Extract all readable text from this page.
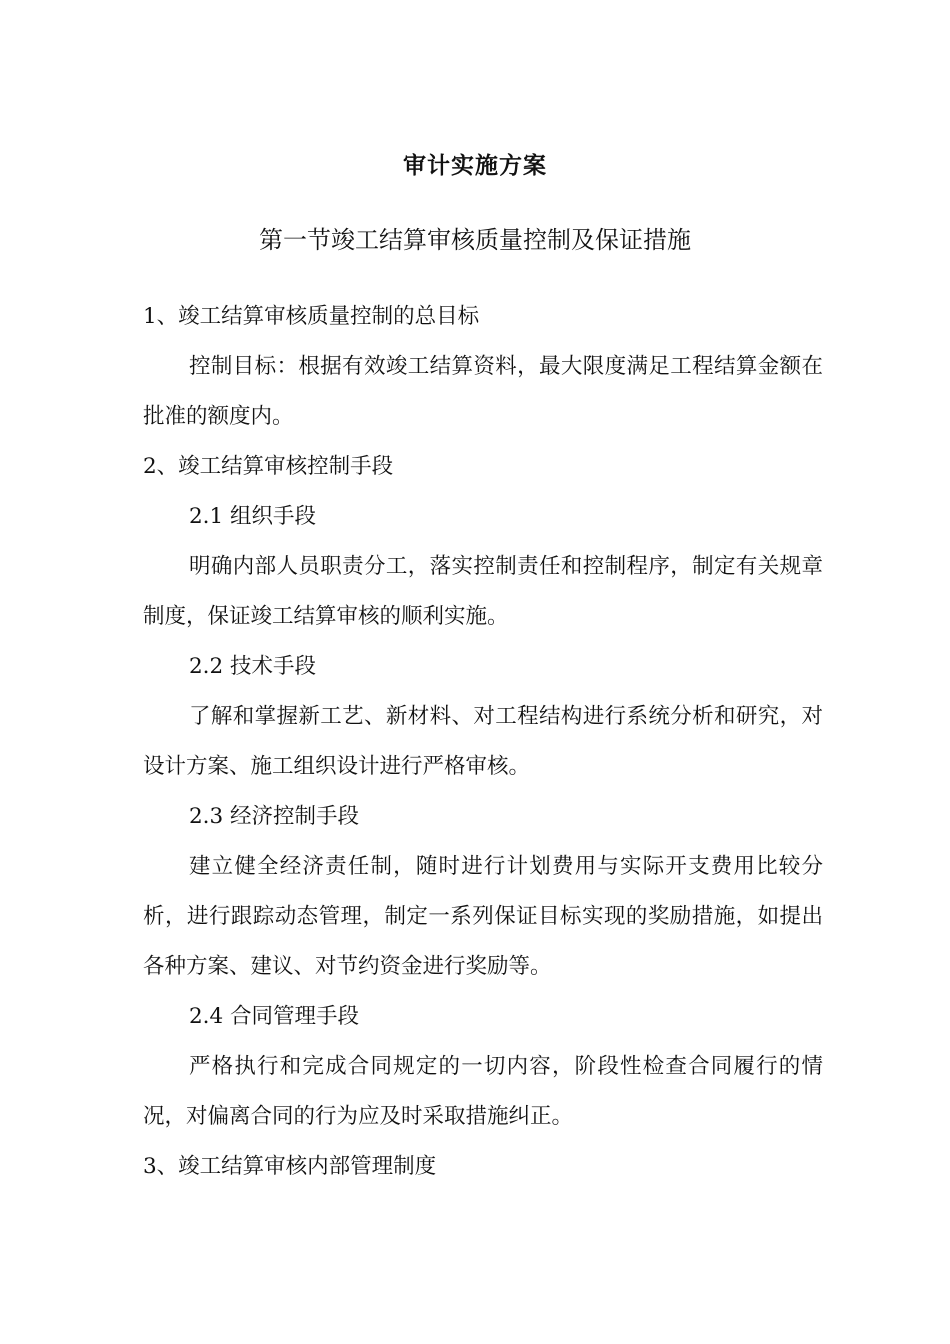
审计实施方案
第一节竣工结算审核质量控制及保证措施

1、竣工结算审核质量控制的总目标

控制目标：根据有效竣工结算资料，最大限度满足工程结算金额在批准的额度内。

2、竣工结算审核控制手段

2.1 组织手段

明确内部人员职责分工，落实控制责任和控制程序，制定有关规章制度，保证竣工结算审核的顺利实施。

2.2 技术手段

了解和掌握新工艺、新材料、对工程结构进行系统分析和研究，对设计方案、施工组织设计进行严格审核。

2.3 经济控制手段

建立健全经济责任制，随时进行计划费用与实际开支费用比较分析，进行跟踪动态管理，制定一系列保证目标实现的奖励措施，如提出各种方案、建议、对节约资金进行奖励等。

2.4 合同管理手段

严格执行和完成合同规定的一切内容，阶段性检查合同履行的情况，对偏离合同的行为应及时采取措施纠正。

3、竣工结算审核内部管理制度
